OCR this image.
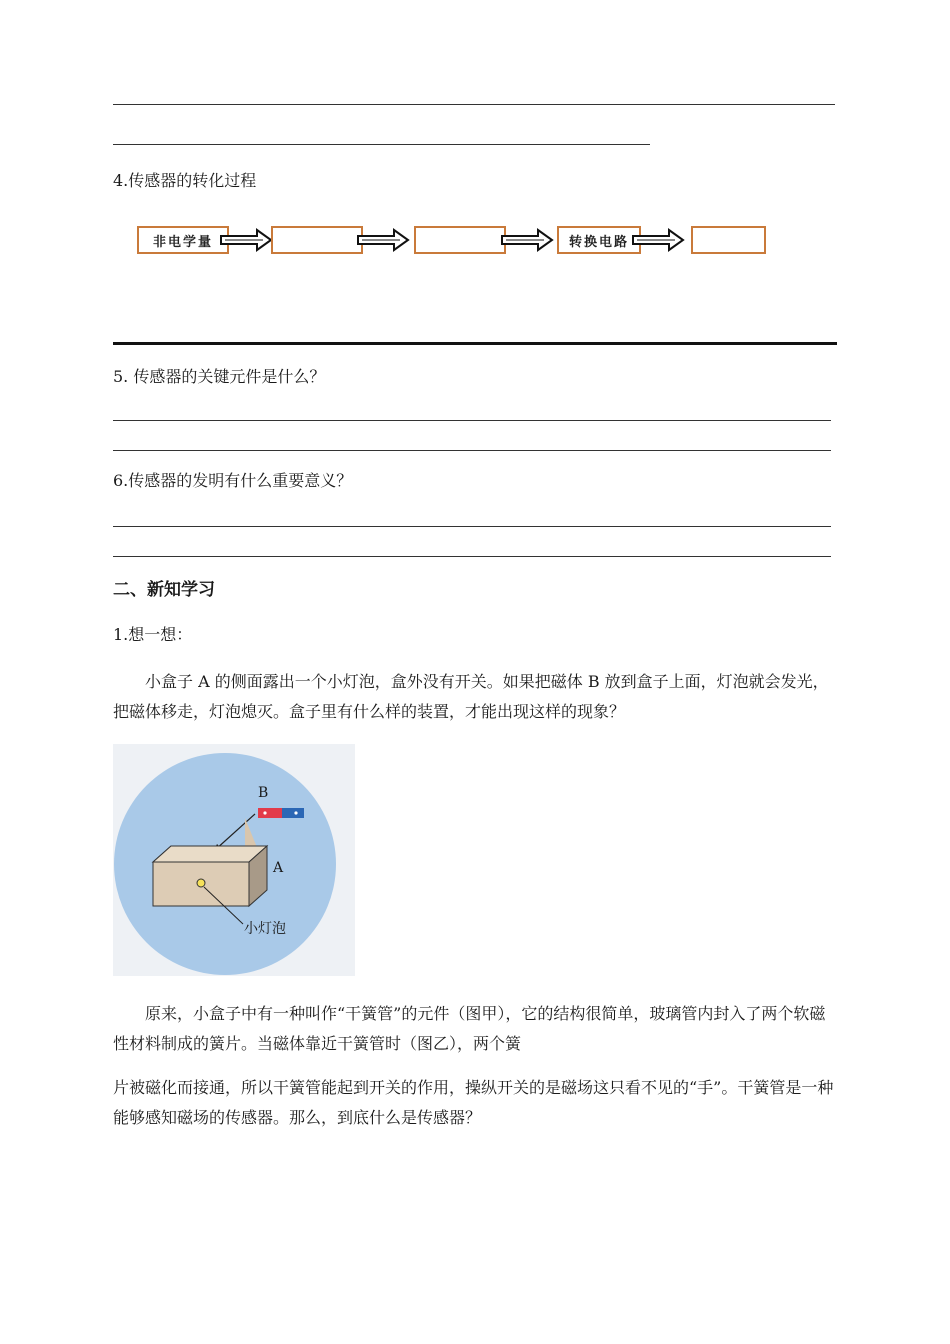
4.传感器的转化过程
非电学量	转换电路
5. 传感器的关键元件是什么？
6.传感器的发明有什么重要意义？
二、新知学习
1.想一想：
小盒子 A 的侧面露出一个小灯泡，盒外没有开关。如果把磁体 B 放到盒子上面，灯泡就会发光，把磁体移走，灯泡熄灭。盒子里有什么样的装置，才能出现这样的现象？
B
A
小灯泡
原来，小盒子中有一种叫作“干簧管”的元件（图甲），它的结构很简单，玻璃管内封入了两个软磁性材料制成的簧片。当磁体靠近干簧管时（图乙），两个簧
片被磁化而接通，所以干簧管能起到开关的作用，操纵开关的是磁场这只看不见的“手”。干簧管是一种能够感知磁场的传感器。那么，到底什么是传感器？
